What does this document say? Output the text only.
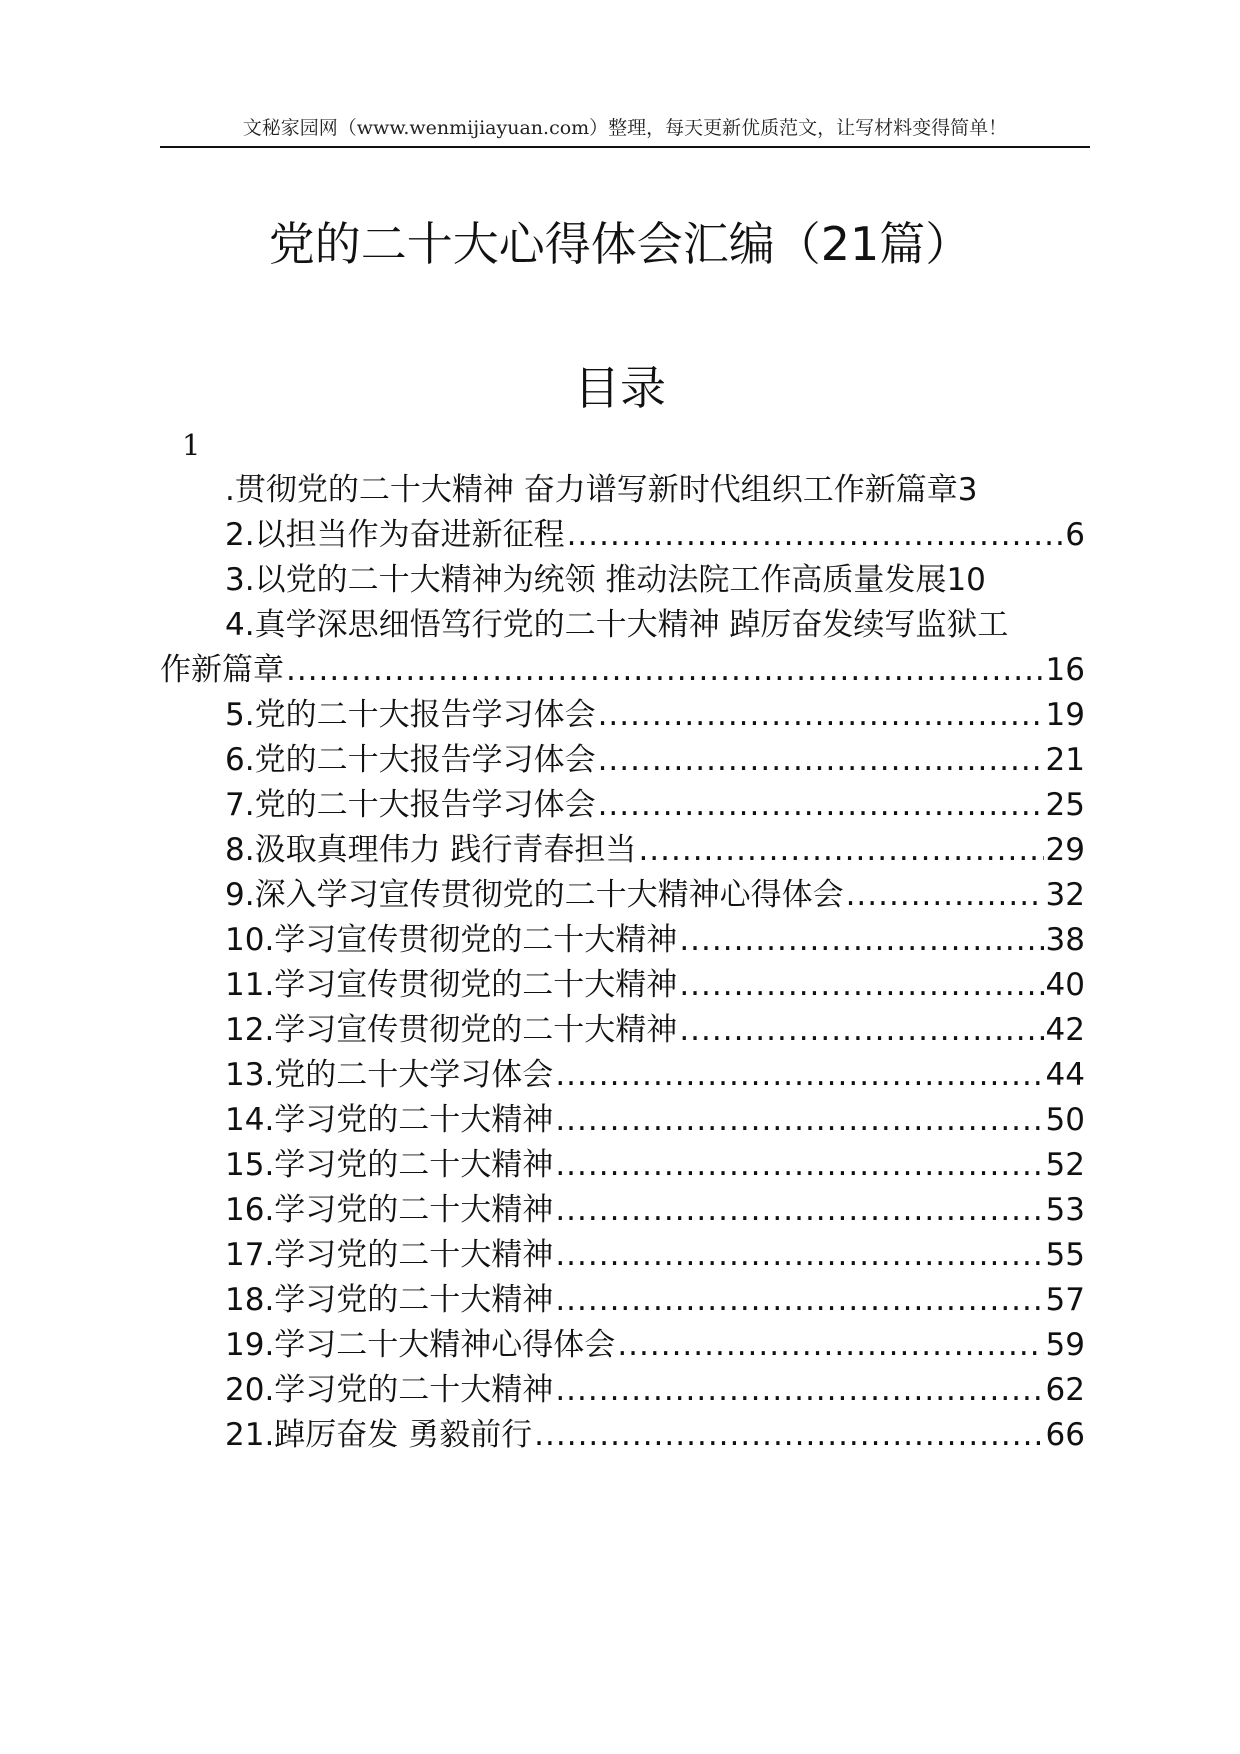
文秘家园网（www.wenmijiayuan.com）整理，每天更新优质范文，让写材料变得简单！
党的二十大心得体会汇编（21篇）
目录
1
.贯彻党的二十大精神 奋力谱写新时代组织工作新篇章 3
2.以担当作为奋进新征程 .....	6
3.以党的二十大精神为统领 推动法院工作高质量发展 10
4.真学深思细悟笃行党的二十大精神 踔厉奋发续写监狱工
作新篇章 .....	16
5.党的二十大报告学习体会 .....	19
6.党的二十大报告学习体会 .....	21
7.党的二十大报告学习体会 .....	25
8.汲取真理伟力 践行青春担当 .....	29
9.深入学习宣传贯彻党的二十大精神心得体会 .....	32
10.学习宣传贯彻党的二十大精神 .....	38
11.学习宣传贯彻党的二十大精神 .....	40
12.学习宣传贯彻党的二十大精神 .....	42
13.党的二十大学习体会 .....	44
14.学习党的二十大精神 .....	50
15.学习党的二十大精神 .....	52
16.学习党的二十大精神 .....	53
17.学习党的二十大精神 .....	55
18.学习党的二十大精神 .....	57
19.学习二十大精神心得体会 .....	59
20.学习党的二十大精神 .....	62
21.踔厉奋发 勇毅前行 .....	66
